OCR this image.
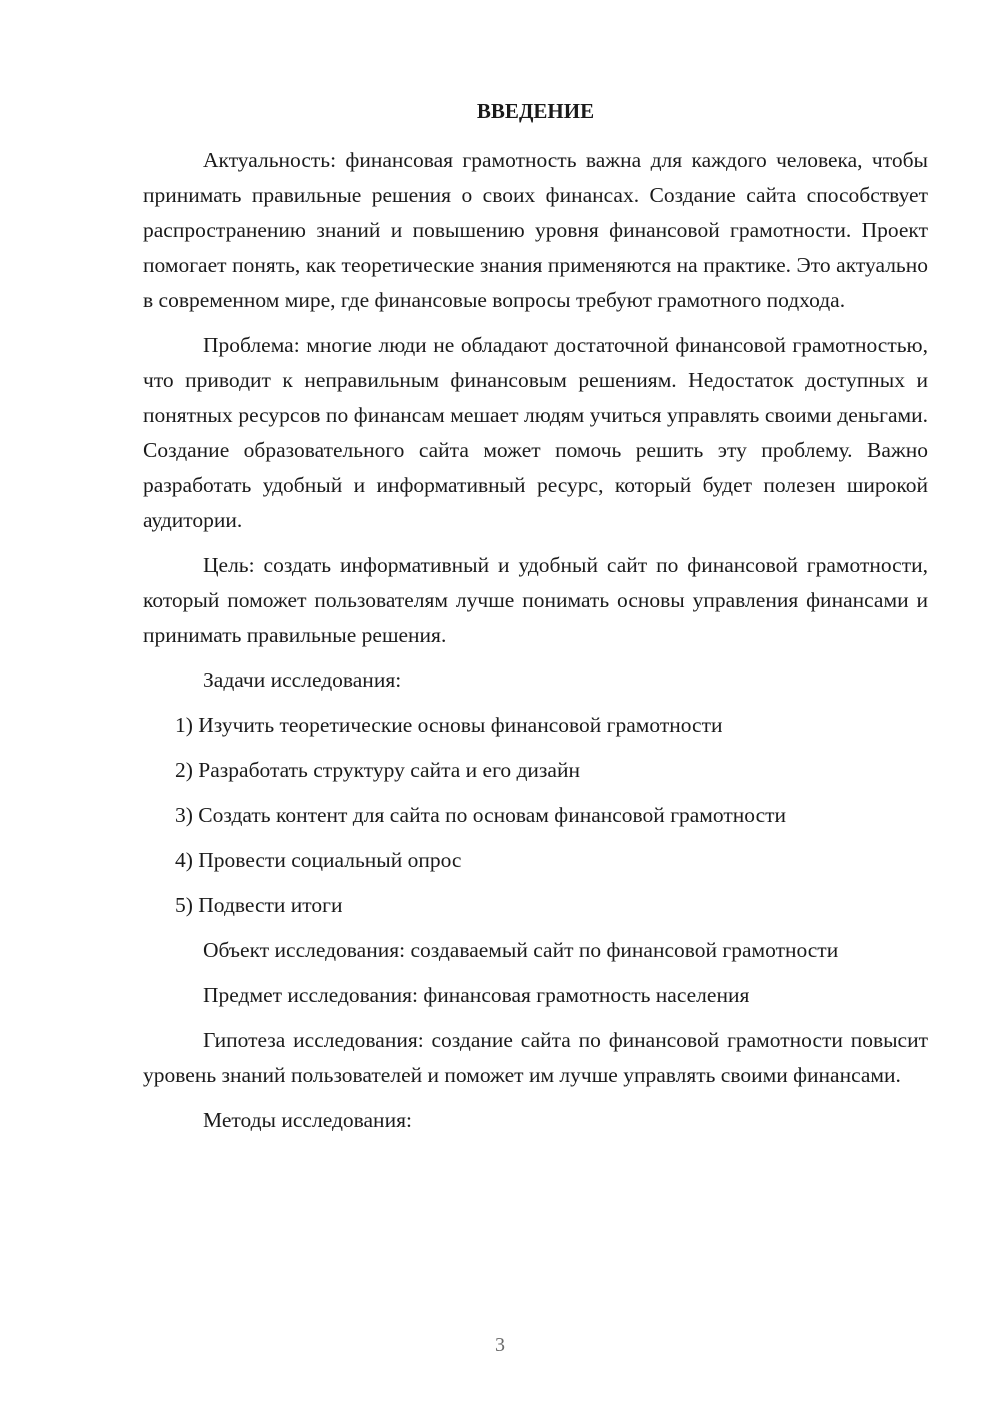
ВВЕДЕНИЕ

Актуальность: финансовая грамотность важна для каждого человека, чтобы принимать правильные решения о своих финансах. Создание сайта способствует распространению знаний и повышению уровня финансовой грамотности. Проект помогает понять, как теоретические знания применяются на практике. Это актуально в современном мире, где финансовые вопросы требуют грамотного подхода.

Проблема: многие люди не обладают достаточной финансовой грамотностью, что приводит к неправильным финансовым решениям. Недостаток доступных и понятных ресурсов по финансам мешает людям учиться управлять своими деньгами. Создание образовательного сайта может помочь решить эту проблему. Важно разработать удобный и информативный ресурс, который будет полезен широкой аудитории.

Цель: создать информативный и удобный сайт по финансовой грамотности, который поможет пользователям лучше понимать основы управления финансами и принимать правильные решения.

Задачи исследования:

1) Изучить теоретические основы финансовой грамотности

2) Разработать структуру сайта и его дизайн

3) Создать контент для сайта по основам финансовой грамотности

4) Провести социальный опрос

5) Подвести итоги

Объект исследования: создаваемый сайт по финансовой грамотности

Предмет исследования: финансовая грамотность населения

Гипотеза исследования: создание сайта по финансовой грамотности повысит уровень знаний пользователей и поможет им лучше управлять своими финансами.

Методы исследования:

3
